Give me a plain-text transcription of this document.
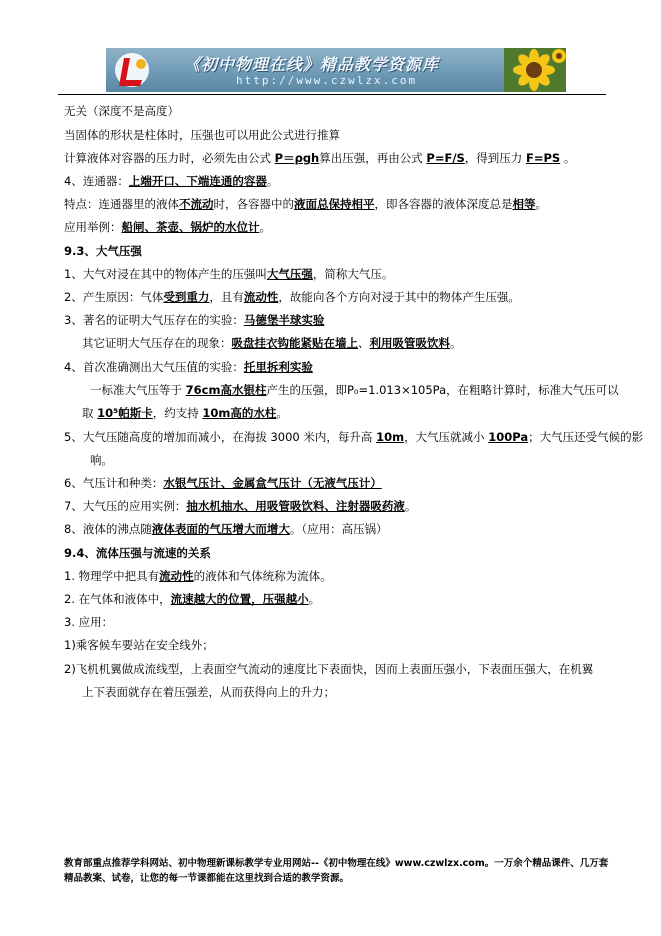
《初中物理在线》精品教学资源库
http://www.czwlzx.com
无关（深度不是高度）
当固体的形状是柱体时，压强也可以用此公式进行推算
计算液体对容器的压力时，必须先由公式 P＝ρgh算出压强，再由公式 P=F/S，得到压力 F=PS 。
4、连通器：上端开口、下端连通的容器。
特点：连通器里的液体不流动时，各容器中的液面总保持相平，即各容器的液体深度总是相等。
应用举例：船闸、茶壶、锅炉的水位计。
9.3、大气压强
1、大气对浸在其中的物体产生的压强叫大气压强，简称大气压。
2、产生原因：气体受到重力，且有流动性，故能向各个方向对浸于其中的物体产生压强。
3、著名的证明大气压存在的实验：马德堡半球实验
其它证明大气压存在的现象：吸盘挂衣钩能紧贴在墙上、利用吸管吸饮料。
4、首次准确测出大气压值的实验：托里拆利实验
一标准大气压等于 76cm高水银柱产生的压强，即P₀=1.013×105Pa，在粗略计算时，标准大气压可以
取 10⁵帕斯卡，约支持 10m高的水柱。
5、大气压随高度的增加而减小，在海拔 3000 米内，每升高 10m，大气压就减小 100Pa；大气压还受气候的影
响。
6、气压计和种类：水银气压计、金属盒气压计（无液气压计）
7、大气压的应用实例：抽水机抽水、用吸管吸饮料、注射器吸药液。
8、液体的沸点随液体表面的气压增大而增大。（应用：高压锅）
9.4、流体压强与流速的关系
1. 物理学中把具有流动性的液体和气体统称为流体。
2. 在气体和液体中，流速越大的位置，压强越小。
3. 应用：
1)乘客候车要站在安全线外；
2)飞机机翼做成流线型，上表面空气流动的速度比下表面快，因而上表面压强小，下表面压强大，在机翼
上下表面就存在着压强差，从而获得向上的升力；
教育部重点推荐学科网站、初中物理新课标教学专业用网站--《初中物理在线》www.czwlzx.com。一万余个精品课件、几万套精品教案、试卷，让您的每一节课都能在这里找到合适的教学资源。
